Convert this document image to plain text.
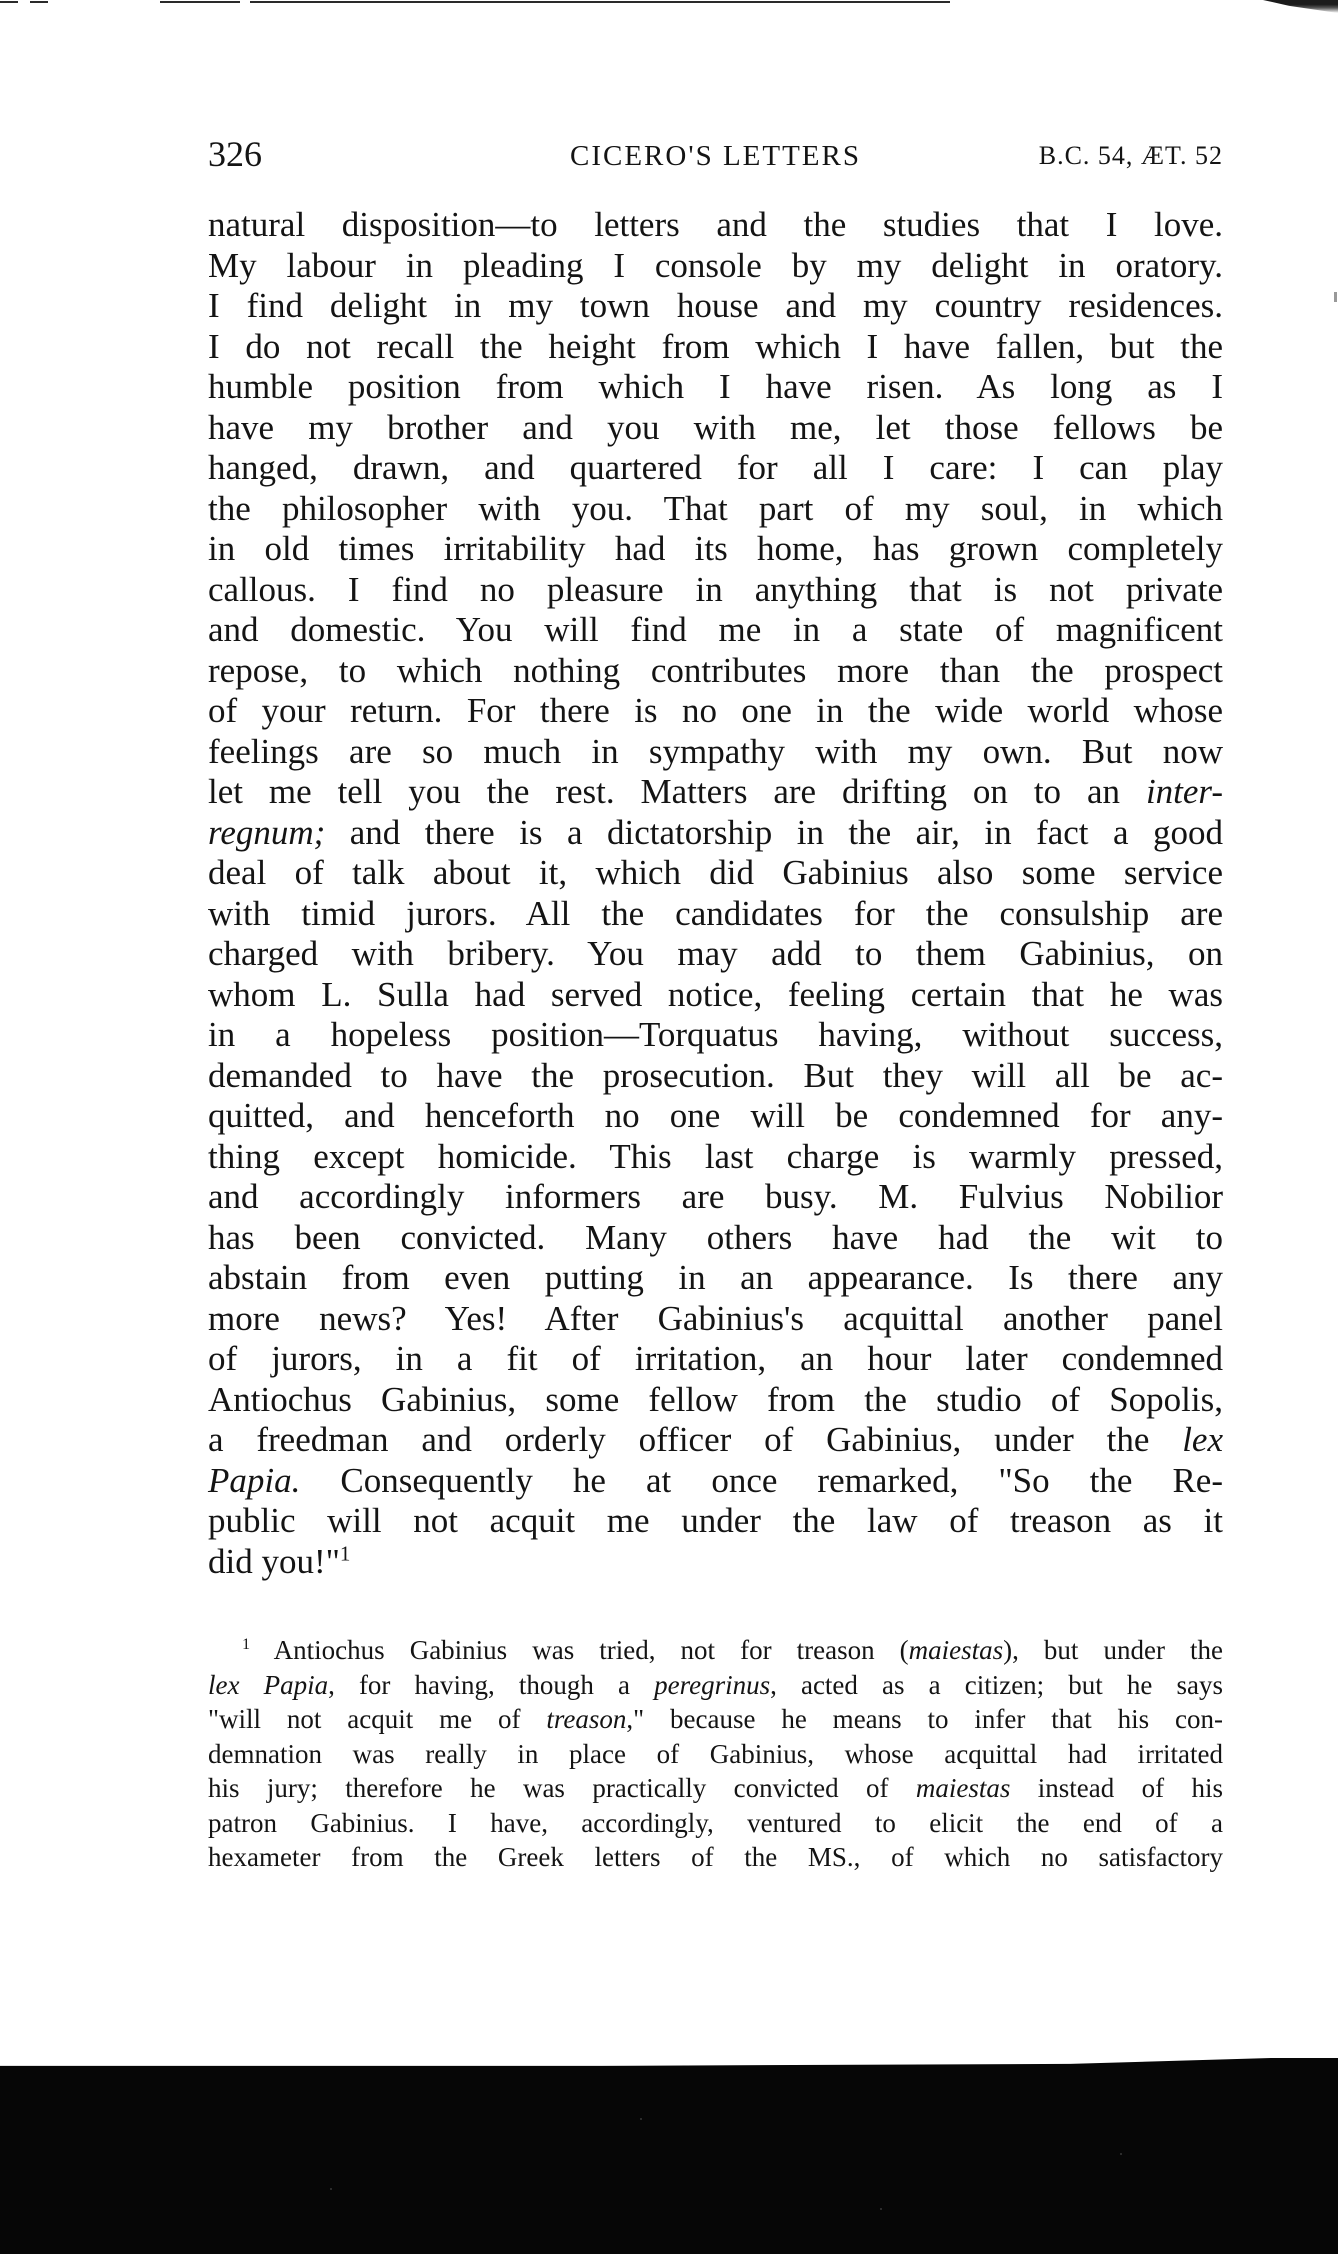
326	CICERO'S LETTERS	B.C. 54, ÆT. 52
natural disposition—to letters and the studies that I love.
My labour in pleading I console by my delight in oratory.
I find delight in my town house and my country residences.
I do not recall the height from which I have fallen, but the
humble position from which I have risen. As long as I
have my brother and you with me, let those fellows be
hanged, drawn, and quartered for all I care: I can play
the philosopher with you. That part of my soul, in which
in old times irritability had its home, has grown completely
callous. I find no pleasure in anything that is not private
and domestic. You will find me in a state of magnificent
repose, to which nothing contributes more than the prospect
of your return. For there is no one in the wide world whose
feelings are so much in sympathy with my own. But now
let me tell you the rest. Matters are drifting on to an inter-
regnum; and there is a dictatorship in the air, in fact a good
deal of talk about it, which did Gabinius also some service
with timid jurors. All the candidates for the consulship are
charged with bribery. You may add to them Gabinius, on
whom L. Sulla had served notice, feeling certain that he was
in a hopeless position—Torquatus having, without success,
demanded to have the prosecution. But they will all be ac-
quitted, and henceforth no one will be condemned for any-
thing except homicide. This last charge is warmly pressed,
and accordingly informers are busy. M. Fulvius Nobilior
has been convicted. Many others have had the wit to
abstain from even putting in an appearance. Is there any
more news? Yes! After Gabinius's acquittal another panel
of jurors, in a fit of irritation, an hour later condemned
Antiochus Gabinius, some fellow from the studio of Sopolis,
a freedman and orderly officer of Gabinius, under the lex
Papia. Consequently he at once remarked, "So the Re-
public will not acquit me under the law of treason as it
did you!"$^1$
$^1$ Antiochus Gabinius was tried, not for treason (maiestas), but under the
lex Papia, for having, though a peregrinus, acted as a citizen; but he says
"will not acquit me of treason," because he means to infer that his con-
demnation was really in place of Gabinius, whose acquittal had irritated
his jury; therefore he was practically convicted of maiestas instead of his
patron Gabinius. I have, accordingly, ventured to elicit the end of a
hexameter from the Greek letters of the MS., of which no satisfactory
